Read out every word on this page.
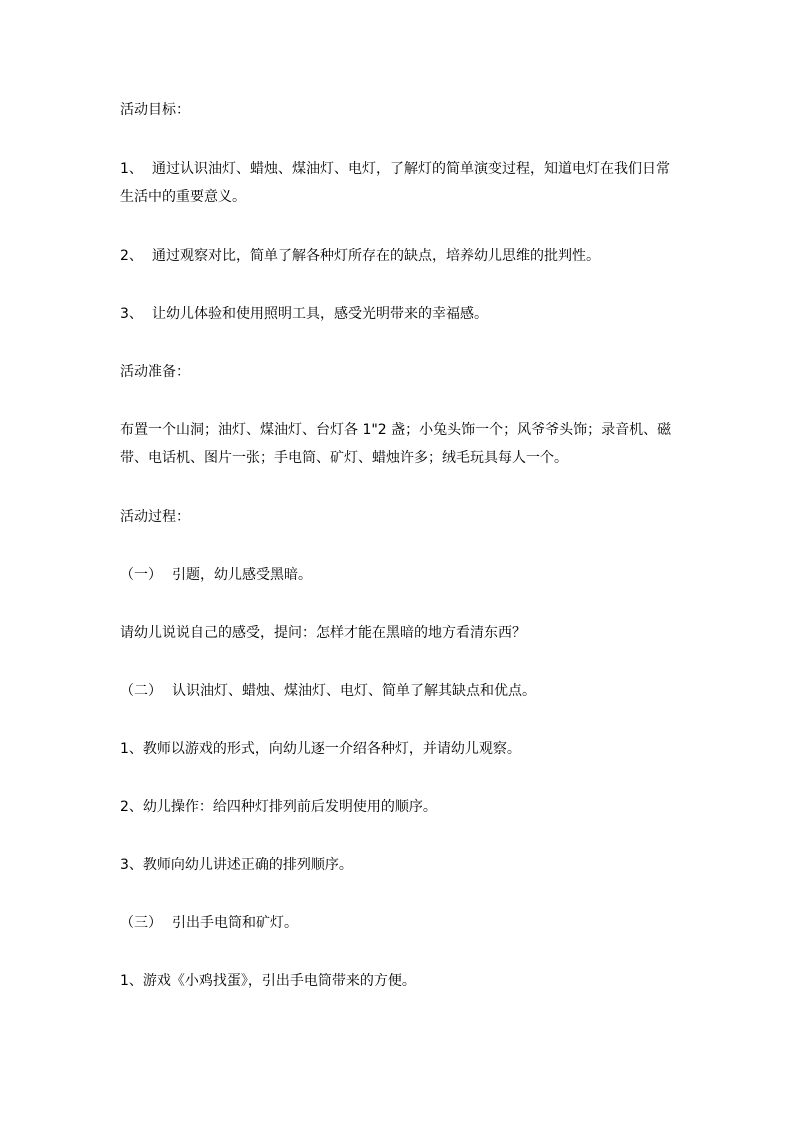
活动目标：

1、 通过认识油灯、蜡烛、煤油灯、电灯，了解灯的简单演变过程，知道电灯在我们日常生活中的重要意义。

2、 通过观察对比，简单了解各种灯所存在的缺点，培养幼儿思维的批判性。

3、 让幼儿体验和使用照明工具，感受光明带来的幸福感。

活动准备：

布置一个山洞；油灯、煤油灯、台灯各 1"2 盏；小兔头饰一个；风爷爷头饰；录音机、磁带、电话机、图片一张；手电筒、矿灯、蜡烛许多；绒毛玩具每人一个。

活动过程：

（一） 引题，幼儿感受黑暗。

请幼儿说说自己的感受，提问：怎样才能在黑暗的地方看清东西？

（二） 认识油灯、蜡烛、煤油灯、电灯、简单了解其缺点和优点。

1、教师以游戏的形式，向幼儿逐一介绍各种灯，并请幼儿观察。

2、幼儿操作：给四种灯排列前后发明使用的顺序。

3、教师向幼儿讲述正确的排列顺序。

（三） 引出手电筒和矿灯。

1、游戏《小鸡找蛋》，引出手电筒带来的方便。
